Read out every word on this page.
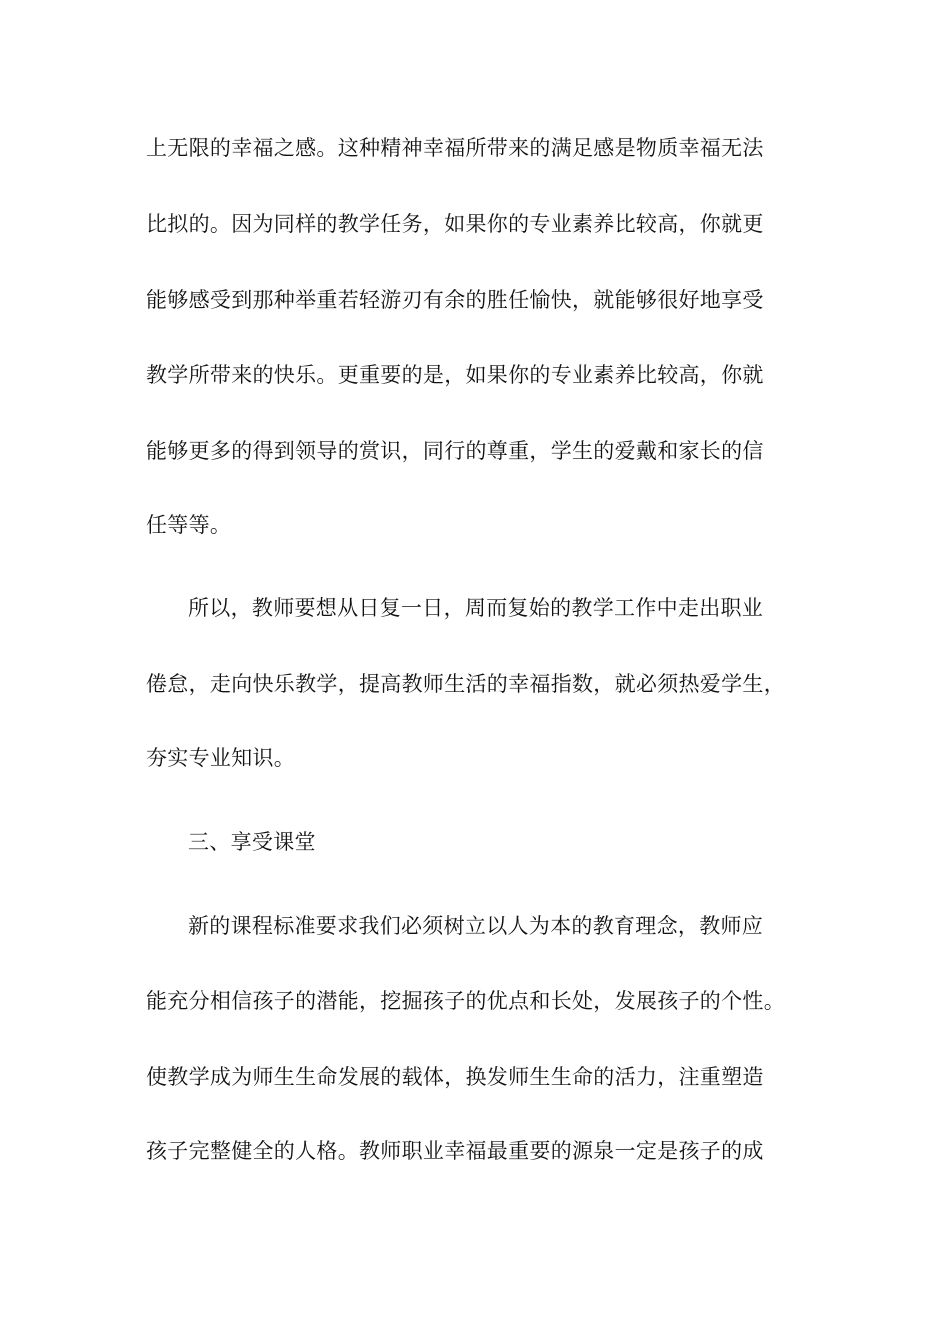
上无限的幸福之感。这种精神幸福所带来的满足感是物质幸福无法
比拟的。因为同样的教学任务，如果你的专业素养比较高，你就更
能够感受到那种举重若轻游刃有余的胜任愉快，就能够很好地享受
教学所带来的快乐。更重要的是，如果你的专业素养比较高，你就
能够更多的得到领导的赏识，同行的尊重，学生的爱戴和家长的信
任等等。
所以，教师要想从日复一日，周而复始的教学工作中走出职业
倦怠，走向快乐教学，提高教师生活的幸福指数，就必须热爱学生，
夯实专业知识。
三、享受课堂
新的课程标准要求我们必须树立以人为本的教育理念，教师应
能充分相信孩子的潜能，挖掘孩子的优点和长处，发展孩子的个性。
使教学成为师生生命发展的载体，换发师生生命的活力，注重塑造
孩子完整健全的人格。教师职业幸福最重要的源泉一定是孩子的成
